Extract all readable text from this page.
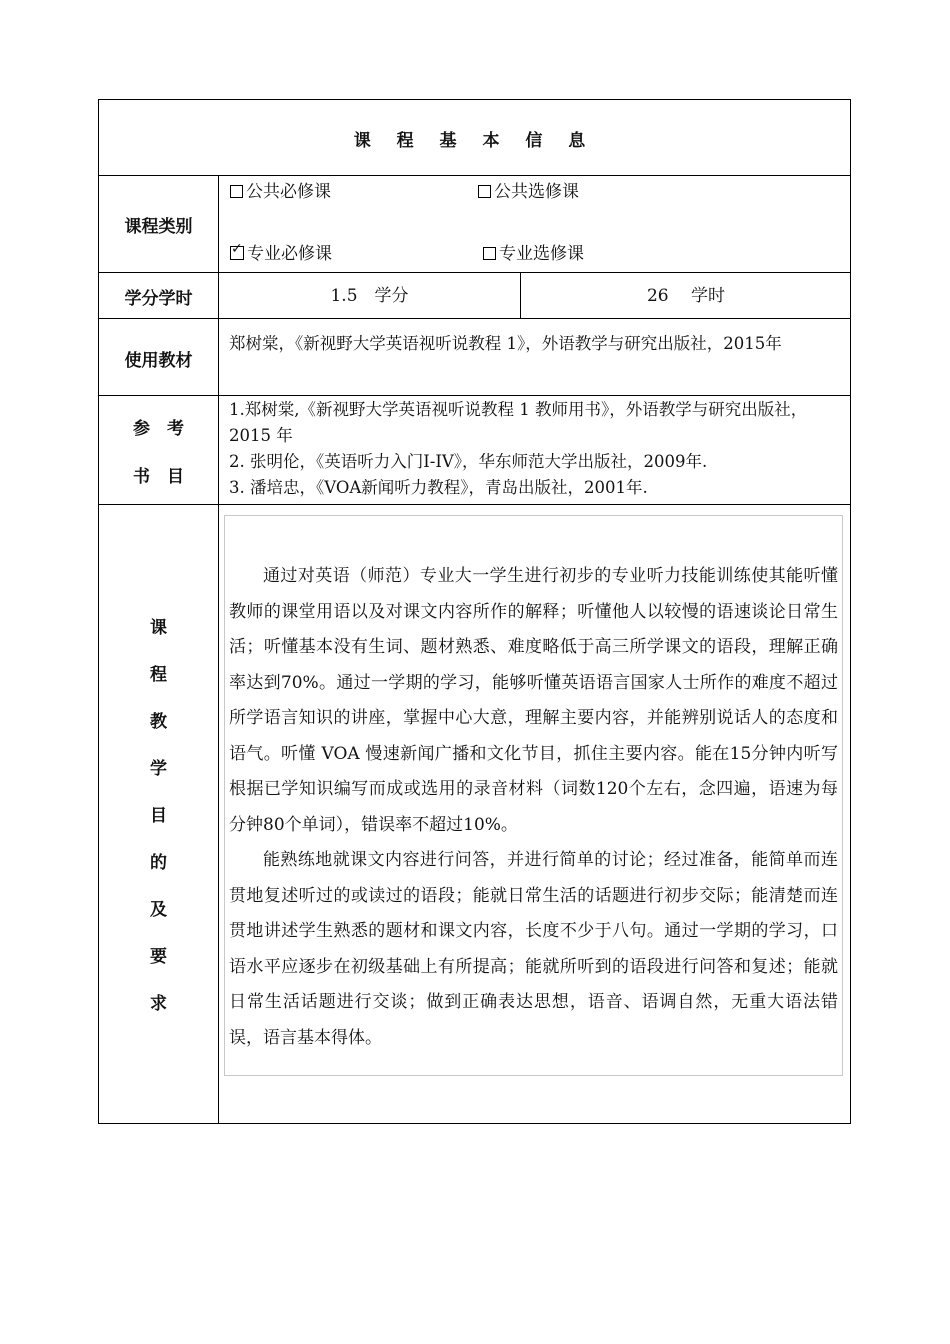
课 程 基 本 信 息
课程类别
公共必修课	公共选修课
✓专业必修课	专业选修课
学分学时	1.5　学分	26　 学时
使用教材
郑树棠，《新视野大学英语视听说教程 1》，外语教学与研究出版社，2015年
参　考
书　目
1.郑树棠,《新视野大学英语视听说教程 1 教师用书》，外语教学与研究出版社，2015 年
2. 张明伦，《英语听力入门I-IV》，华东师范大学出版社，2009年.
3. 潘培忠，《VOA新闻听力教程》，青岛出版社，2001年.
课
程
教
学
目
的
及
要
求

通过对英语（师范）专业大一学生进行初步的专业听力技能训练使其能听懂教师的课堂用语以及对课文内容所作的解释；听懂他人以较慢的语速谈论日常生活；听懂基本没有生词、题材熟悉、难度略低于高三所学课文的语段，理解正确率达到70%。通过一学期的学习，能够听懂英语语言国家人士所作的难度不超过所学语言知识的讲座，掌握中心大意，理解主要内容，并能辨别说话人的态度和语气。听懂 VOA 慢速新闻广播和文化节目，抓住主要内容。能在15分钟内听写根据已学知识编写而成或选用的录音材料（词数120个左右，念四遍，语速为每分钟80个单词），错误率不超过10%。

能熟练地就课文内容进行问答，并进行简单的讨论；经过准备，能简单而连贯地复述听过的或读过的语段；能就日常生活的话题进行初步交际；能清楚而连贯地讲述学生熟悉的题材和课文内容，长度不少于八句。通过一学期的学习，口语水平应逐步在初级基础上有所提高；能就所听到的语段进行问答和复述；能就日常生活话题进行交谈；做到正确表达思想，语音、语调自然，无重大语法错误，语言基本得体。
